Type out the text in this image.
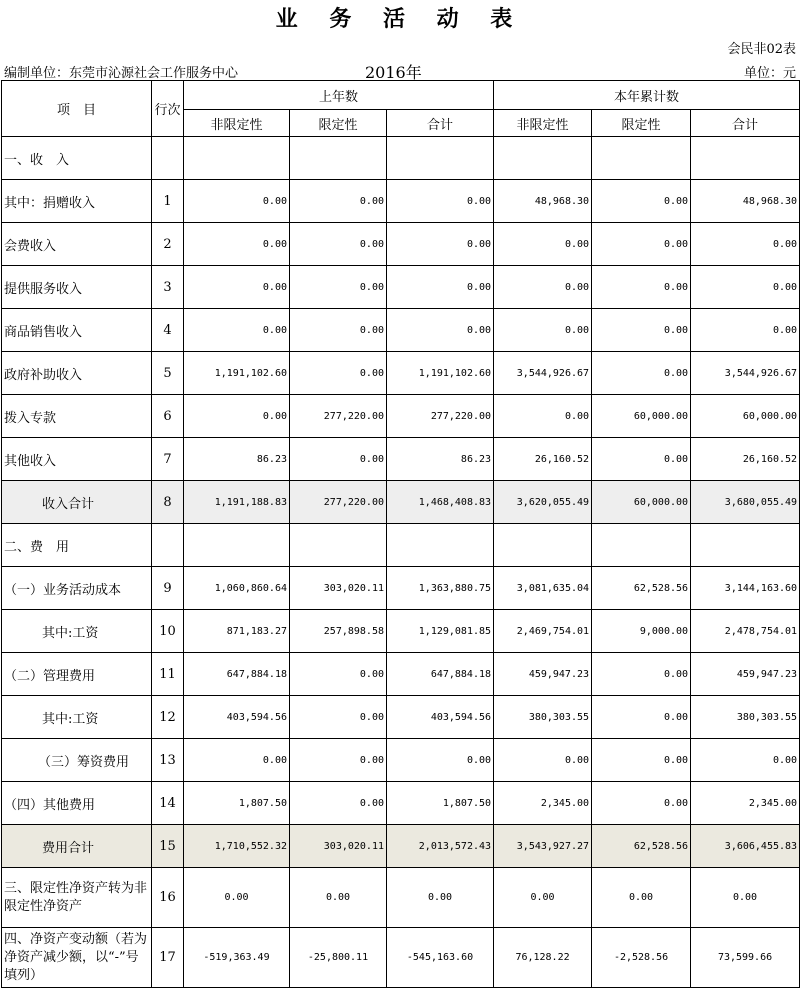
业 务 活 动 表
会民非02表
编制单位：东莞市沁源社会工作服务中心	2016年	单位：元
项　目	行次	上年数			本年累计数		
		非限定性	限定性	合计	非限定性	限定性	合计
一、收　入							
其中：捐赠收入	1	0.00	0.00	0.00	48,968.30	0.00	48,968.30
会费收入	2	0.00	0.00	0.00	0.00	0.00	0.00
提供服务收入	3	0.00	0.00	0.00	0.00	0.00	0.00
商品销售收入	4	0.00	0.00	0.00	0.00	0.00	0.00
政府补助收入	5	1,191,102.60	0.00	1,191,102.60	3,544,926.67	0.00	3,544,926.67
拨入专款	6	0.00	277,220.00	277,220.00	0.00	60,000.00	60,000.00
其他收入	7	86.23	0.00	86.23	26,160.52	0.00	26,160.52
收入合计	8	1,191,188.83	277,220.00	1,468,408.83	3,620,055.49	60,000.00	3,680,055.49
二、费　用							
（一）业务活动成本	9	1,060,860.64	303,020.11	1,363,880.75	3,081,635.04	62,528.56	3,144,163.60
其中:工资	10	871,183.27	257,898.58	1,129,081.85	2,469,754.01	9,000.00	2,478,754.01
（二）管理费用	11	647,884.18	0.00	647,884.18	459,947.23	0.00	459,947.23
其中:工资	12	403,594.56	0.00	403,594.56	380,303.55	0.00	380,303.55
（三）筹资费用	13	0.00	0.00	0.00	0.00	0.00	0.00
（四）其他费用	14	1,807.50	0.00	1,807.50	2,345.00	0.00	2,345.00
费用合计	15	1,710,552.32	303,020.11	2,013,572.43	3,543,927.27	62,528.56	3,606,455.83
三、限定性净资产转为非限定性净资产	16	0.00	0.00	0.00	0.00	0.00	0.00
四、净资产变动额（若为净资产减少额，以“-”号填列）	17	-519,363.49	-25,800.11	-545,163.60	76,128.22	-2,528.56	73,599.66
